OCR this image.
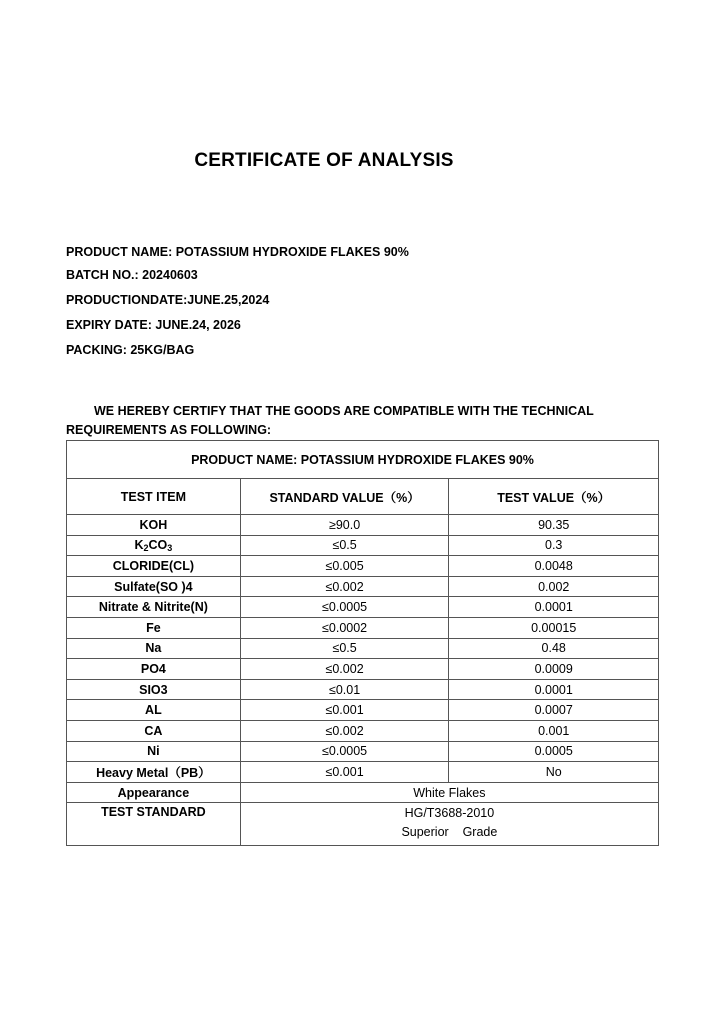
CERTIFICATE OF ANALYSIS
PRODUCT NAME: POTASSIUM HYDROXIDE FLAKES 90%
BATCH NO.: 20240603
PRODUCTIONDATE:JUNE.25,2024
EXPIRY DATE: JUNE.24, 2026
PACKING: 25KG/BAG
WE HEREBY CERTIFY THAT THE GOODS ARE COMPATIBLE WITH THE TECHNICAL
REQUIREMENTS AS FOLLOWING:
PRODUCT NAME: POTASSIUM HYDROXIDE FLAKES 90%		
TEST ITEM	STANDARD VALUE（%）	TEST VALUE（%）
KOH	≥90.0	90.35
$K_2CO_3$	≤0.5	0.3
CLORIDE(CL)	≤0.005	0.0048
Sulfate(SO )4	≤0.002	0.002
Nitrate & Nitrite(N)	≤0.0005	0.0001
Fe	≤0.0002	0.00015
Na	≤0.5	0.48
PO4	≤0.002	0.0009
SIO3	≤0.01	0.0001
AL	≤0.001	0.0007
CA	≤0.002	0.001
Ni	≤0.0005	0.0005
Heavy Metal（PB）	≤0.001	No
Appearance	White Flakes	
TEST STANDARD	HG/T3688-2010
Superior    Grade	
